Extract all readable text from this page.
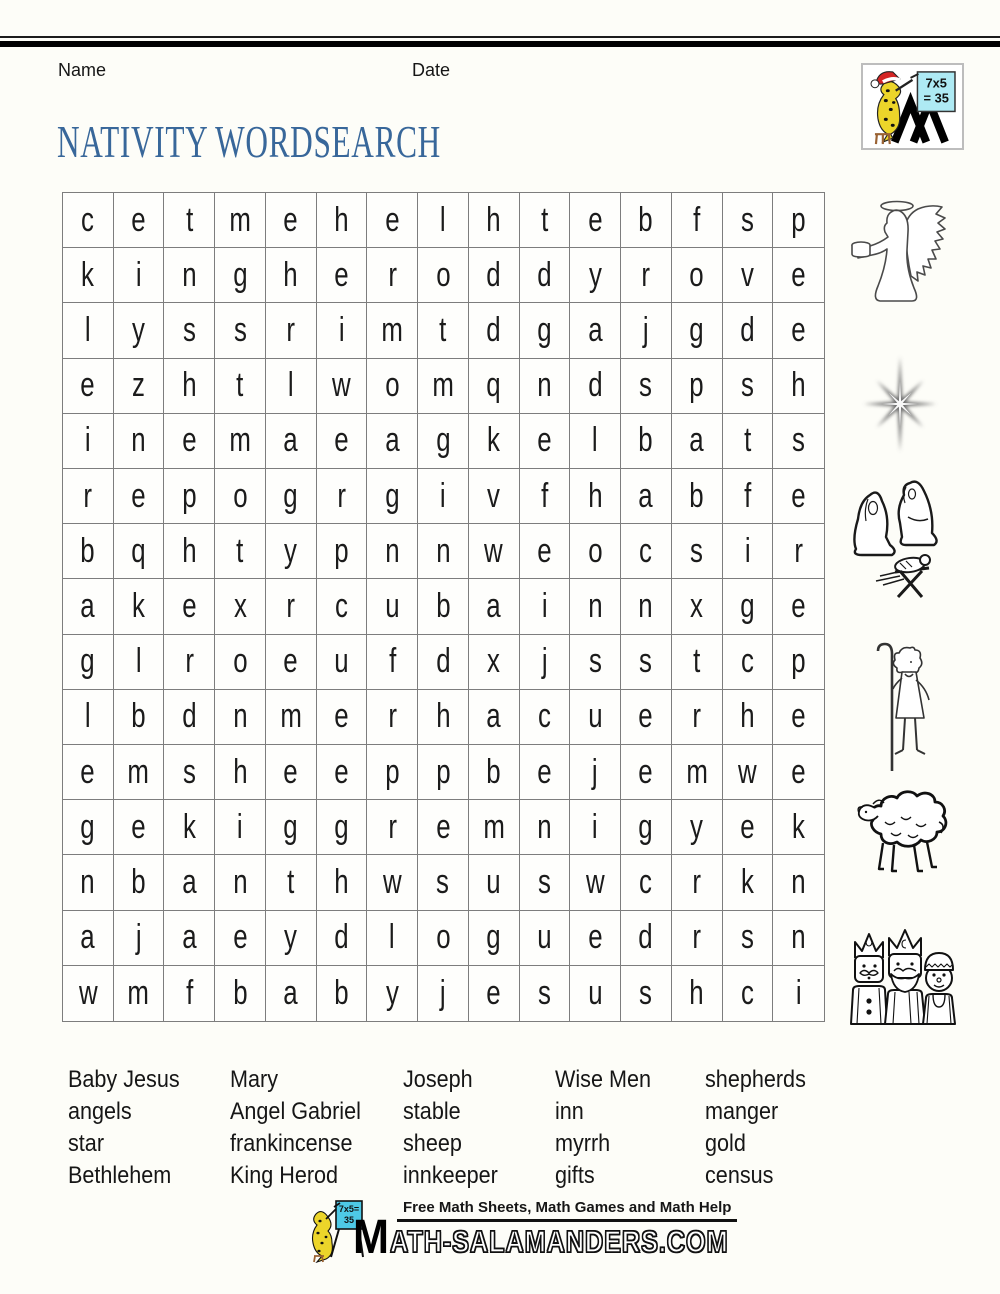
Name	Date
7x5
= 35
NATIVITY WORDSEARCH
c e t m e h e l h t e b f s p
k i n g h e r o d d y r o v e
l y s s r i m t d g a j g d e
e z h t l w o m q n d s p s h
i n e m a e a g k e l b a t s
r e p o g r g i v f h a b f e
b q h t y p n n w e o c s i r
a k e x r c u b a i n n x g e
g l r o e u f d x j s s t c p
l b d n m e r h a c u e r h e
e m s h e e p p b e j e m w e
g e k i g g r e m n i g y e k
n b a n t h w s u s w c r k n
a j a e y d l o g u e d r s n
w m f b a b y j e s u s h c i
Baby Jesus
angels
star
Bethlehem
Mary
Angel Gabriel
frankincense
King Herod
Joseph
stable
sheep
innkeeper
Wise Men
inn
myrrh
gifts
shepherds
manger
gold
census
7x5=
35
Free Math Sheets, Math Games and Math Help
M ATH-SALAMANDERS.COM
